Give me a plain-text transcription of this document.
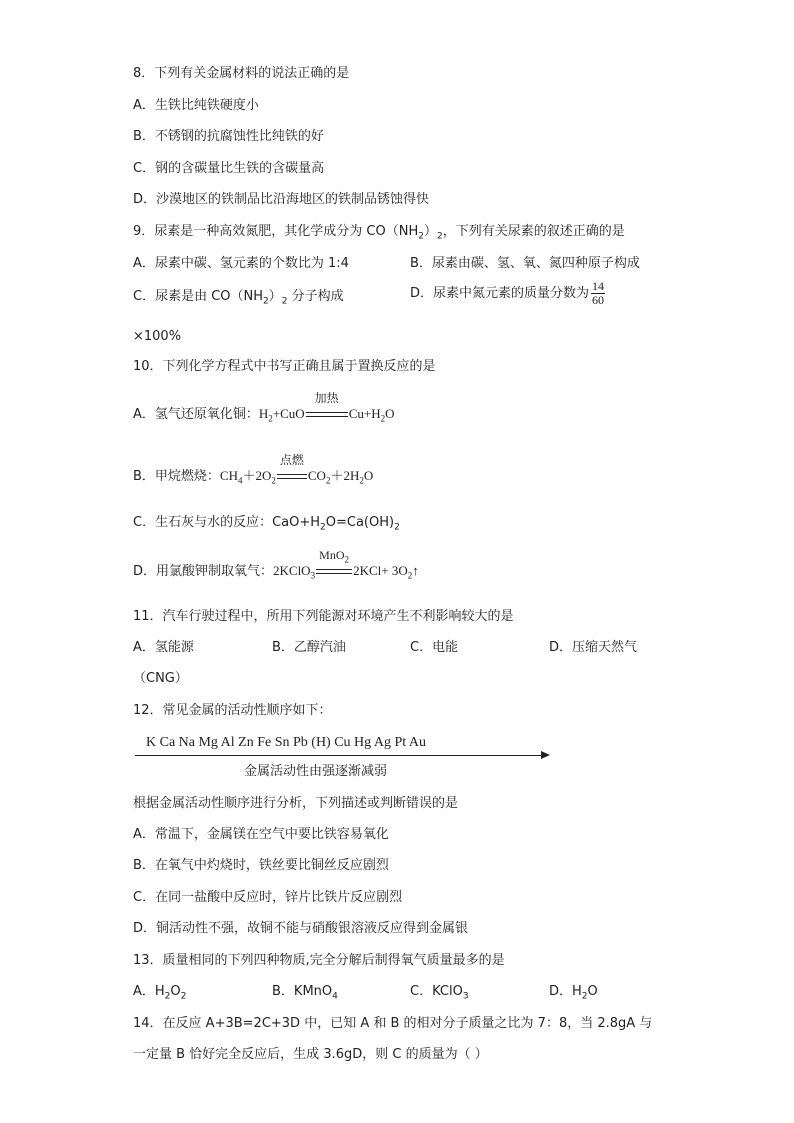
8．下列有关金属材料的说法正确的是
A．生铁比纯铁硬度小
B．不锈钢的抗腐蚀性比纯铁的好
C．钢的含碳量比生铁的含碳量高
D．沙漠地区的铁制品比沿海地区的铁制品锈蚀得快
9．尿素是一种高效氮肥，其化学成分为 $CO(NH_2)_2$，下列有关尿素的叙述正确的是
A．尿素中碳、氢元素的个数比为 1:4	B．尿素由碳、氢、氧、氮四种原子构成
C．尿素是由 $CO(NH_2)_2$ 分子构成	D．尿素中氮元素的质量分数为 $\frac{14}{60}$
×100%
10．下列化学方程式中书写正确且属于置换反应的是
A．氢气还原氧化铜：$H_2+CuO$
加热
$Cu+H_2O$
B．甲烷燃烧：$CH_4+2O_2$
点燃
$CO_2+2H_2O$
C．生石灰与水的反应：$CaO+H_2O=Ca(OH)_2$
D．用氯酸钾制取氧气：2KClO$_3$
MnO$_2$
$2KCl+ 3O_2↑$
11．汽车行驶过程中，所用下列能源对环境产生不利影响较大的是
A．氢能源	B．乙醇汽油	C．电能	D．压缩天然气
（CNG）
12．常见金属的活动性顺序如下：
K Ca Na Mg Al Zn Fe Sn Pb (H) Cu Hg Ag Pt Au
金属活动性由强逐渐减弱
根据金属活动性顺序进行分析，下列描述或判断错误的是
A．常温下，金属镁在空气中要比铁容易氧化
B．在氧气中灼烧时，铁丝要比铜丝反应剧烈
C．在同一盐酸中反应时，锌片比铁片反应剧烈
D．铜活动性不强，故铜不能与硝酸银溶液反应得到金属银
13．质量相同的下列四种物质,完全分解后制得氧气质量最多的是
A．$H_2O_2$	B．KMnO$_4$	C．KClO$_3$	D．$H_2O$
14．在反应 A+3B=2C+3D 中，已知 A 和 B 的相对分子质量之比为 7：8，当 2.8gA 与
一定量 B 恰好完全反应后，生成 3.6gD，则 C 的质量为（ ）
